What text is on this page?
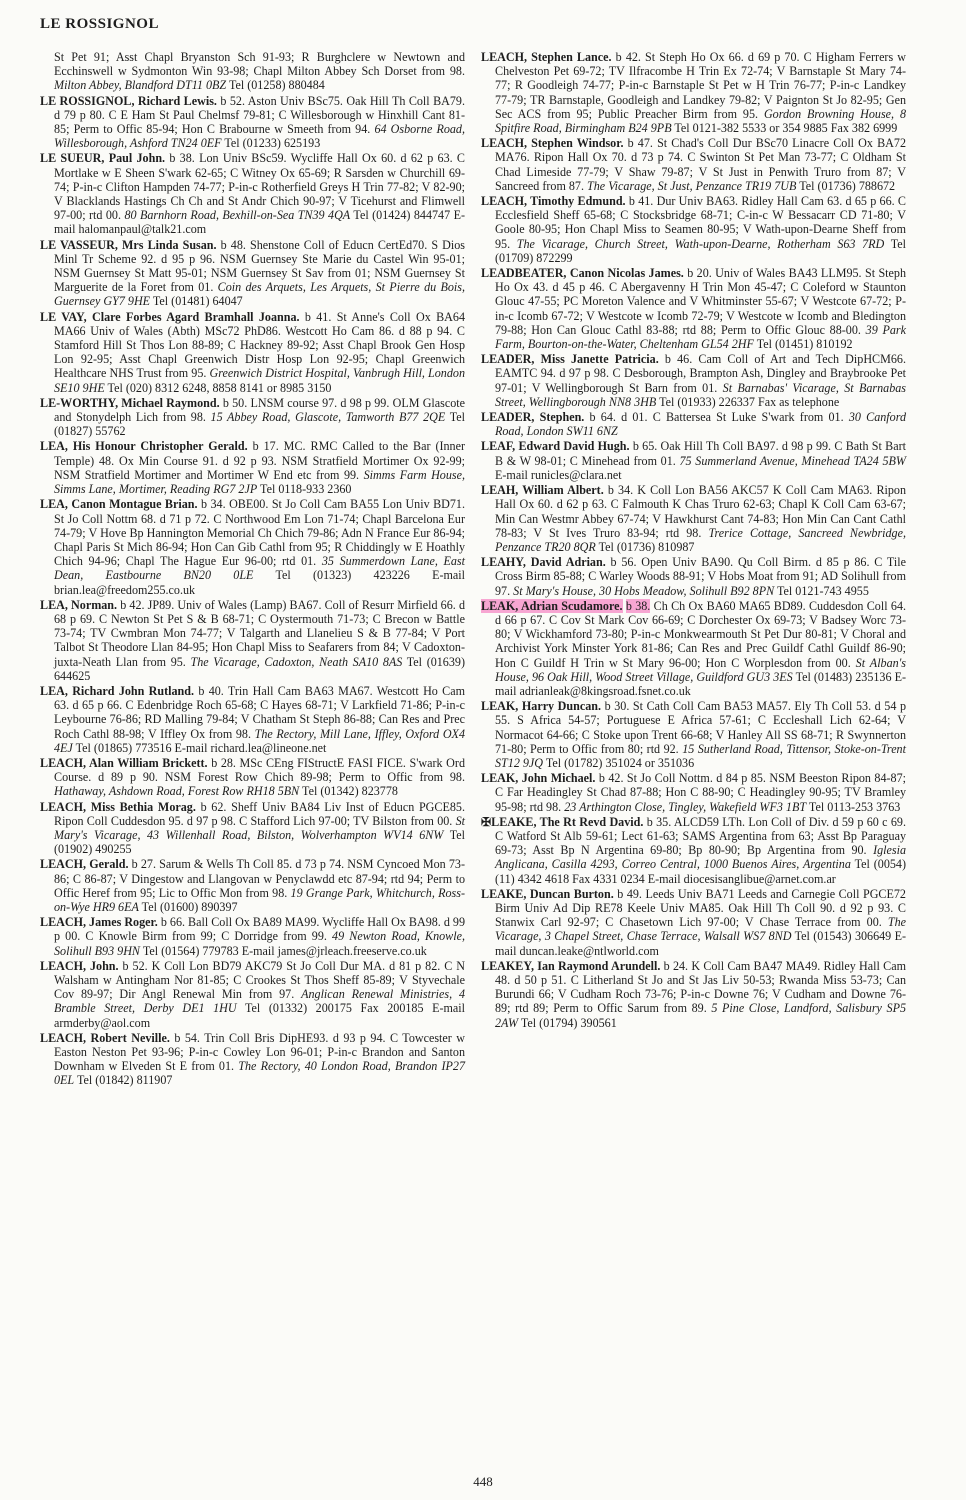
LE ROSSIGNOL

St Pet 91; Asst Chapl Bryanston Sch 91-93; R Burghclere w Newtown and Ecchinswell w Sydmonton Win 93-98; Chapl Milton Abbey Sch Dorset from 98. Milton Abbey, Blandford DT11 0BZ Tel (01258) 880484

LE ROSSIGNOL, Richard Lewis. b 52. Aston Univ BSc75. Oak Hill Th Coll BA79. d 79 p 80. C E Ham St Paul Chelmsf 79-81; C Willesborough w Hinxhill Cant 81-85; Perm to Offic 85-94; Hon C Brabourne w Smeeth from 94. 64 Osborne Road, Willesborough, Ashford TN24 0EF Tel (01233) 625193

LE SUEUR, Paul John. b 38. Lon Univ BSc59. Wycliffe Hall Ox 60. d 62 p 63. C Mortlake w E Sheen S'wark 62-65; C Witney Ox 65-69; R Sarsden w Churchill 69-74; P-in-c Clifton Hampden 74-77; P-in-c Rotherfield Greys H Trin 77-82; V 82-90; V Blacklands Hastings Ch Ch and St Andr Chich 90-97; V Ticehurst and Flimwell 97-00; rtd 00. 80 Barnhorn Road, Bexhill-on-Sea TN39 4QA Tel (01424) 844747 E-mail halomanpaul@talk21.com

LE VASSEUR, Mrs Linda Susan. b 48. Shenstone Coll of Educn CertEd70. S Dios Minl Tr Scheme 92. d 95 p 96. NSM Guernsey Ste Marie du Castel Win 95-01; NSM Guernsey St Matt 95-01; NSM Guernsey St Sav from 01; NSM Guernsey St Marguerite de la Foret from 01. Coin des Arquets, Les Arquets, St Pierre du Bois, Guernsey GY7 9HE Tel (01481) 64047

LE VAY, Clare Forbes Agard Bramhall Joanna. b 41. St Anne's Coll Ox BA64 MA66 Univ of Wales (Abth) MSc72 PhD86. Westcott Ho Cam 86. d 88 p 94. C Stamford Hill St Thos Lon 88-89; C Hackney 89-92; Asst Chapl Brook Gen Hosp Lon 92-95; Asst Chapl Greenwich Distr Hosp Lon 92-95; Chapl Greenwich Healthcare NHS Trust from 95. Greenwich District Hospital, Vanbrugh Hill, London SE10 9HE Tel (020) 8312 6248, 8858 8141 or 8985 3150

LE-WORTHY, Michael Raymond. b 50. LNSM course 97. d 98 p 99. OLM Glascote and Stonydelph Lich from 98. 15 Abbey Road, Glascote, Tamworth B77 2QE Tel (01827) 55762

LEA, His Honour Christopher Gerald. b 17. MC. RMC Called to the Bar (Inner Temple) 48. Ox Min Course 91. d 92 p 93. NSM Stratfield Mortimer Ox 92-99; NSM Stratfield Mortimer and Mortimer W End etc from 99. Simms Farm House, Simms Lane, Mortimer, Reading RG7 2JP Tel 0118-933 2360

LEA, Canon Montague Brian. b 34. OBE00. St Jo Coll Cam BA55 Lon Univ BD71. St Jo Coll Nottm 68. d 71 p 72. C Northwood Em Lon 71-74; Chapl Barcelona Eur 74-79; V Hove Bp Hannington Memorial Ch Chich 79-86; Adn N France Eur 86-94; Chapl Paris St Mich 86-94; Hon Can Gib Cathl from 95; R Chiddingly w E Hoathly Chich 94-96; Chapl The Hague Eur 96-00; rtd 01. 35 Summerdown Lane, East Dean, Eastbourne BN20 0LE Tel (01323) 423226 E-mail brian.lea@freedom255.co.uk

LEA, Norman. b 42. JP89. Univ of Wales (Lamp) BA67. Coll of Resurr Mirfield 66. d 68 p 69. C Newton St Pet S & B 68-71; C Oystermouth 71-73; C Brecon w Battle 73-74; TV Cwmbran Mon 74-77; V Talgarth and Llanelieu S & B 77-84; V Port Talbot St Theodore Llan 84-95; Hon Chapl Miss to Seafarers from 84; V Cadoxton-juxta-Neath Llan from 95. The Vicarage, Cadoxton, Neath SA10 8AS Tel (01639) 644625

LEA, Richard John Rutland. b 40. Trin Hall Cam BA63 MA67. Westcott Ho Cam 63. d 65 p 66. C Edenbridge Roch 65-68; C Hayes 68-71; V Larkfield 71-86; P-in-c Leybourne 76-86; RD Malling 79-84; V Chatham St Steph 86-88; Can Res and Prec Roch Cathl 88-98; V Iffley Ox from 98. The Rectory, Mill Lane, Iffley, Oxford OX4 4EJ Tel (01865) 773516 E-mail richard.lea@lineone.net

LEACH, Alan William Brickett. b 28. MSc CEng FIStructE FASI FICE. S'wark Ord Course. d 89 p 90. NSM Forest Row Chich 89-98; Perm to Offic from 98. Hathaway, Ashdown Road, Forest Row RH18 5BN Tel (01342) 823778

LEACH, Miss Bethia Morag. b 62. Sheff Univ BA84 Liv Inst of Educn PGCE85. Ripon Coll Cuddesdon 95. d 97 p 98. C Stafford Lich 97-00; TV Bilston from 00. St Mary's Vicarage, 43 Willenhall Road, Bilston, Wolverhampton WV14 6NW Tel (01902) 490255

LEACH, Gerald. b 27. Sarum & Wells Th Coll 85. d 73 p 74. NSM Cyncoed Mon 73-86; C 86-87; V Dingestow and Llangovan w Penyclawdd etc 87-94; rtd 94; Perm to Offic Heref from 95; Lic to Offic Mon from 98. 19 Grange Park, Whitchurch, Ross-on-Wye HR9 6EA Tel (01600) 890397

LEACH, James Roger. b 66. Ball Coll Ox BA89 MA99. Wycliffe Hall Ox BA98. d 99 p 00. C Knowle Birm from 99; C Dorridge from 99. 49 Newton Road, Knowle, Solihull B93 9HN Tel (01564) 779783 E-mail james@jrleach.freeserve.co.uk

LEACH, John. b 52. K Coll Lon BD79 AKC79 St Jo Coll Dur MA. d 81 p 82. C N Walsham w Antingham Nor 81-85; C Crookes St Thos Sheff 85-89; V Styvechale Cov 89-97; Dir Angl Renewal Min from 97. Anglican Renewal Ministries, 4 Bramble Street, Derby DE1 1HU Tel (01332) 200175 Fax 200185 E-mail armderby@aol.com

LEACH, Robert Neville. b 54. Trin Coll Bris DipHE93. d 93 p 94. C Towcester w Easton Neston Pet 93-96; P-in-c Cowley Lon 96-01; P-in-c Brandon and Santon Downham w Elveden St E from 01. The Rectory, 40 London Road, Brandon IP27 0EL Tel (01842) 811907

LEACH, Stephen Lance. b 42. St Steph Ho Ox 66. d 69 p 70. C Higham Ferrers w Chelveston Pet 69-72; TV Ilfracombe H Trin Ex 72-74; V Barnstaple St Mary 74-77; R Goodleigh 74-77; P-in-c Barnstaple St Pet w H Trin 76-77; P-in-c Landkey 77-79; TR Barnstaple, Goodleigh and Landkey 79-82; V Paignton St Jo 82-95; Gen Sec ACS from 95; Public Preacher Birm from 95. Gordon Browning House, 8 Spitfire Road, Birmingham B24 9PB Tel 0121-382 5533 or 354 9885 Fax 382 6999

LEACH, Stephen Windsor. b 47. St Chad's Coll Dur BSc70 Linacre Coll Ox BA72 MA76. Ripon Hall Ox 70. d 73 p 74. C Swinton St Pet Man 73-77; C Oldham St Chad Limeside 77-79; V Shaw 79-87; V St Just in Penwith Truro from 87; V Sancreed from 87. The Vicarage, St Just, Penzance TR19 7UB Tel (01736) 788672

LEACH, Timothy Edmund. b 41. Dur Univ BA63. Ridley Hall Cam 63. d 65 p 66. C Ecclesfield Sheff 65-68; C Stocksbridge 68-71; C-in-c W Bessacarr CD 71-80; V Goole 80-95; Hon Chapl Miss to Seamen 80-95; V Wath-upon-Dearne Sheff from 95. The Vicarage, Church Street, Wath-upon-Dearne, Rotherham S63 7RD Tel (01709) 872299

LEADBEATER, Canon Nicolas James. b 20. Univ of Wales BA43 LLM95. St Steph Ho Ox 43. d 45 p 46. C Abergavenny H Trin Mon 45-47; C Coleford w Staunton Glouc 47-55; PC Moreton Valence and V Whitminster 55-67; V Westcote 67-72; P-in-c Icomb 67-72; V Westcote w Icomb 72-79; V Westcote w Icomb and Bledington 79-88; Hon Can Glouc Cathl 83-88; rtd 88; Perm to Offic Glouc 88-00. 39 Park Farm, Bourton-on-the-Water, Cheltenham GL54 2HF Tel (01451) 810192

LEADER, Miss Janette Patricia. b 46. Cam Coll of Art and Tech DipHCM66. EAMTC 94. d 97 p 98. C Desborough, Brampton Ash, Dingley and Braybrooke Pet 97-01; V Wellingborough St Barn from 01. St Barnabas' Vicarage, St Barnabas Street, Wellingborough NN8 3HB Tel (01933) 226337 Fax as telephone

LEADER, Stephen. b 64. d 01. C Battersea St Luke S'wark from 01. 30 Canford Road, London SW11 6NZ

LEAF, Edward David Hugh. b 65. Oak Hill Th Coll BA97. d 98 p 99. C Bath St Bart B & W 98-01; C Minehead from 01. 75 Summerland Avenue, Minehead TA24 5BW E-mail runicles@clara.net

LEAH, William Albert. b 34. K Coll Lon BA56 AKC57 K Coll Cam MA63. Ripon Hall Ox 60. d 62 p 63. C Falmouth K Chas Truro 62-63; Chapl K Coll Cam 63-67; Min Can Westmr Abbey 67-74; V Hawkhurst Cant 74-83; Hon Min Can Cant Cathl 78-83; V St Ives Truro 83-94; rtd 98. Trerice Cottage, Sancreed Newbridge, Penzance TR20 8QR Tel (01736) 810987

LEAHY, David Adrian. b 56. Open Univ BA90. Qu Coll Birm. d 85 p 86. C Tile Cross Birm 85-88; C Warley Woods 88-91; V Hobs Moat from 91; AD Solihull from 97. St Mary's House, 30 Hobs Meadow, Solihull B92 8PN Tel 0121-743 4955

LEAK, Adrian Scudamore. b 38. Ch Ch Ox BA60 MA65 BD89. Cuddesdon Coll 64. d 66 p 67. C Cov St Mark Cov 66-69; C Dorchester Ox 69-73; V Badsey Worc 73-80; V Wickhamford 73-80; P-in-c Monkwearmouth St Pet Dur 80-81; V Choral and Archivist York Minster York 81-86; Can Res and Prec Guildf Cathl Guildf 86-90; Hon C Guildf H Trin w St Mary 96-00; Hon C Worplesdon from 00. St Alban's House, 96 Oak Hill, Wood Street Village, Guildford GU3 3ES Tel (01483) 235136 E-mail adrianleak@8kingsroad.fsnet.co.uk

LEAK, Harry Duncan. b 30. St Cath Coll Cam BA53 MA57. Ely Th Coll 53. d 54 p 55. S Africa 54-57; Portuguese E Africa 57-61; C Eccleshall Lich 62-64; V Normacot 64-66; C Stoke upon Trent 66-68; V Hanley All SS 68-71; R Swynnerton 71-80; Perm to Offic from 80; rtd 92. 15 Sutherland Road, Tittensor, Stoke-on-Trent ST12 9JQ Tel (01782) 351024 or 351036

LEAK, John Michael. b 42. St Jo Coll Nottm. d 84 p 85. NSM Beeston Ripon 84-87; C Far Headingley St Chad 87-88; Hon C 88-90; C Headingley 90-95; TV Bramley 95-98; rtd 98. 23 Arthington Close, Tingley, Wakefield WF3 1BT Tel 0113-253 3763

✠LEAKE, The Rt Revd David. b 35. ALCD59 LTh. Lon Coll of Div. d 59 p 60 c 69. C Watford St Alb 59-61; Lect 61-63; SAMS Argentina from 63; Asst Bp Paraguay 69-73; Asst Bp N Argentina 69-80; Bp 80-90; Bp Argentina from 90. Iglesia Anglicana, Casilla 4293, Correo Central, 1000 Buenos Aires, Argentina Tel (0054) (11) 4342 4618 Fax 4331 0234 E-mail diocesisanglibue@arnet.com.ar

LEAKE, Duncan Burton. b 49. Leeds Univ BA71 Leeds and Carnegie Coll PGCE72 Birm Univ Ad Dip RE78 Keele Univ MA85. Oak Hill Th Coll 90. d 92 p 93. C Stanwix Carl 92-97; C Chasetown Lich 97-00; V Chase Terrace from 00. The Vicarage, 3 Chapel Street, Chase Terrace, Walsall WS7 8ND Tel (01543) 306649 E-mail duncan.leake@ntlworld.com

LEAKEY, Ian Raymond Arundell. b 24. K Coll Cam BA47 MA49. Ridley Hall Cam 48. d 50 p 51. C Litherland St Jo and St Jas Liv 50-53; Rwanda Miss 53-73; Can Burundi 66; V Cudham Roch 73-76; P-in-c Downe 76; V Cudham and Downe 76-89; rtd 89; Perm to Offic Sarum from 89. 5 Pine Close, Landford, Salisbury SP5 2AW Tel (01794) 390561

448
